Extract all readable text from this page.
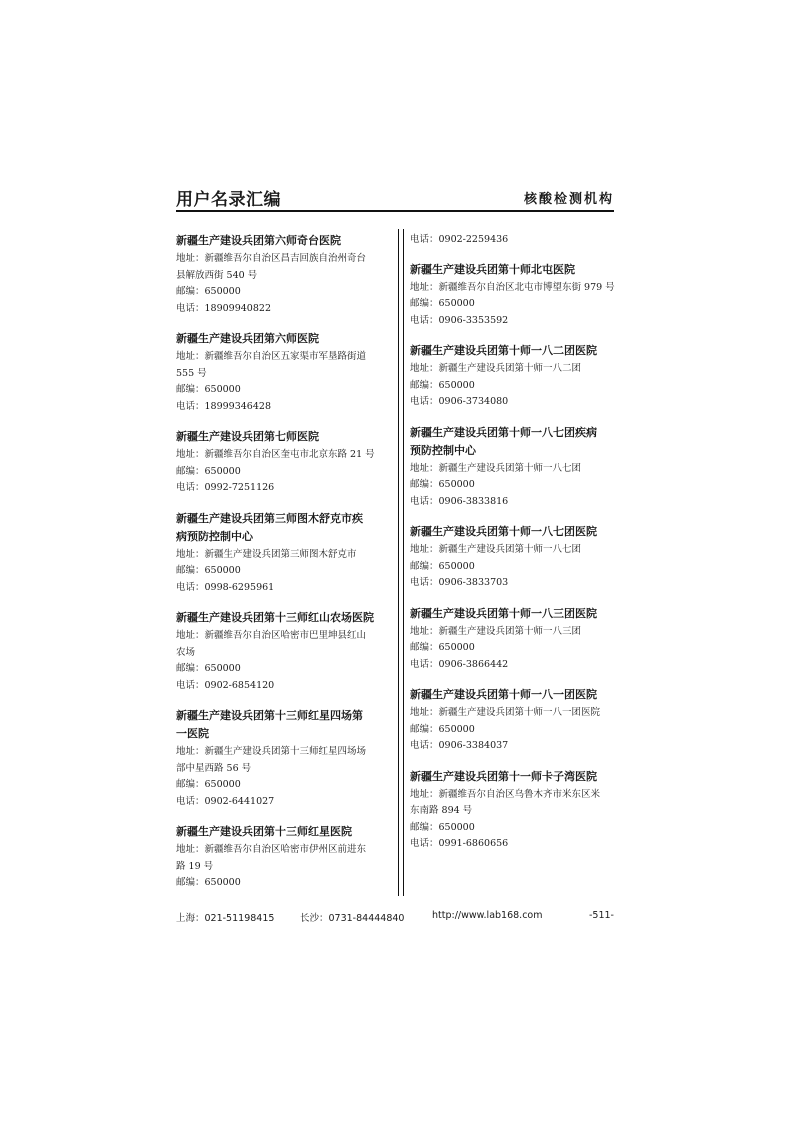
用户名录汇编	核酸检测机构
新疆生产建设兵团第六师奇台医院
地址：新疆维吾尔自治区昌吉回族自治州奇台
县解放西街 540 号
邮编：650000
电话：18909940822
新疆生产建设兵团第六师医院
地址：新疆维吾尔自治区五家渠市军垦路街道
555 号
邮编：650000
电话：18999346428
新疆生产建设兵团第七师医院
地址：新疆维吾尔自治区奎屯市北京东路 21 号
邮编：650000
电话：0992-7251126
新疆生产建设兵团第三师图木舒克市疾
病预防控制中心
地址：新疆生产建设兵团第三师图木舒克市
邮编：650000
电话：0998-6295961
新疆生产建设兵团第十三师红山农场医院
地址：新疆维吾尔自治区哈密市巴里坤县红山
农场
邮编：650000
电话：0902-6854120
新疆生产建设兵团第十三师红星四场第
一医院
地址：新疆生产建设兵团第十三师红星四场场
部中星西路 56 号
邮编：650000
电话：0902-6441027
新疆生产建设兵团第十三师红星医院
地址：新疆维吾尔自治区哈密市伊州区前进东
路 19 号
邮编：650000
电话：0902-2259436
新疆生产建设兵团第十师北屯医院
地址：新疆维吾尔自治区北屯市博望东街 979 号
邮编：650000
电话：0906-3353592
新疆生产建设兵团第十师一八二团医院
地址：新疆生产建设兵团第十师一八二团
邮编：650000
电话：0906-3734080
新疆生产建设兵团第十师一八七团疾病
预防控制中心
地址：新疆生产建设兵团第十师一八七团
邮编：650000
电话：0906-3833816
新疆生产建设兵团第十师一八七团医院
地址：新疆生产建设兵团第十师一八七团
邮编：650000
电话：0906-3833703
新疆生产建设兵团第十师一八三团医院
地址：新疆生产建设兵团第十师一八三团
邮编：650000
电话：0906-3866442
新疆生产建设兵团第十师一八一团医院
地址：新疆生产建设兵团第十师一八一团医院
邮编：650000
电话：0906-3384037
新疆生产建设兵团第十一师卡子湾医院
地址：新疆维吾尔自治区乌鲁木齐市米东区米
东南路 894 号
邮编：650000
电话：0991-6860656
上海：021-51198415	长沙：0731-84444840	http://www.lab168.com	-511-
